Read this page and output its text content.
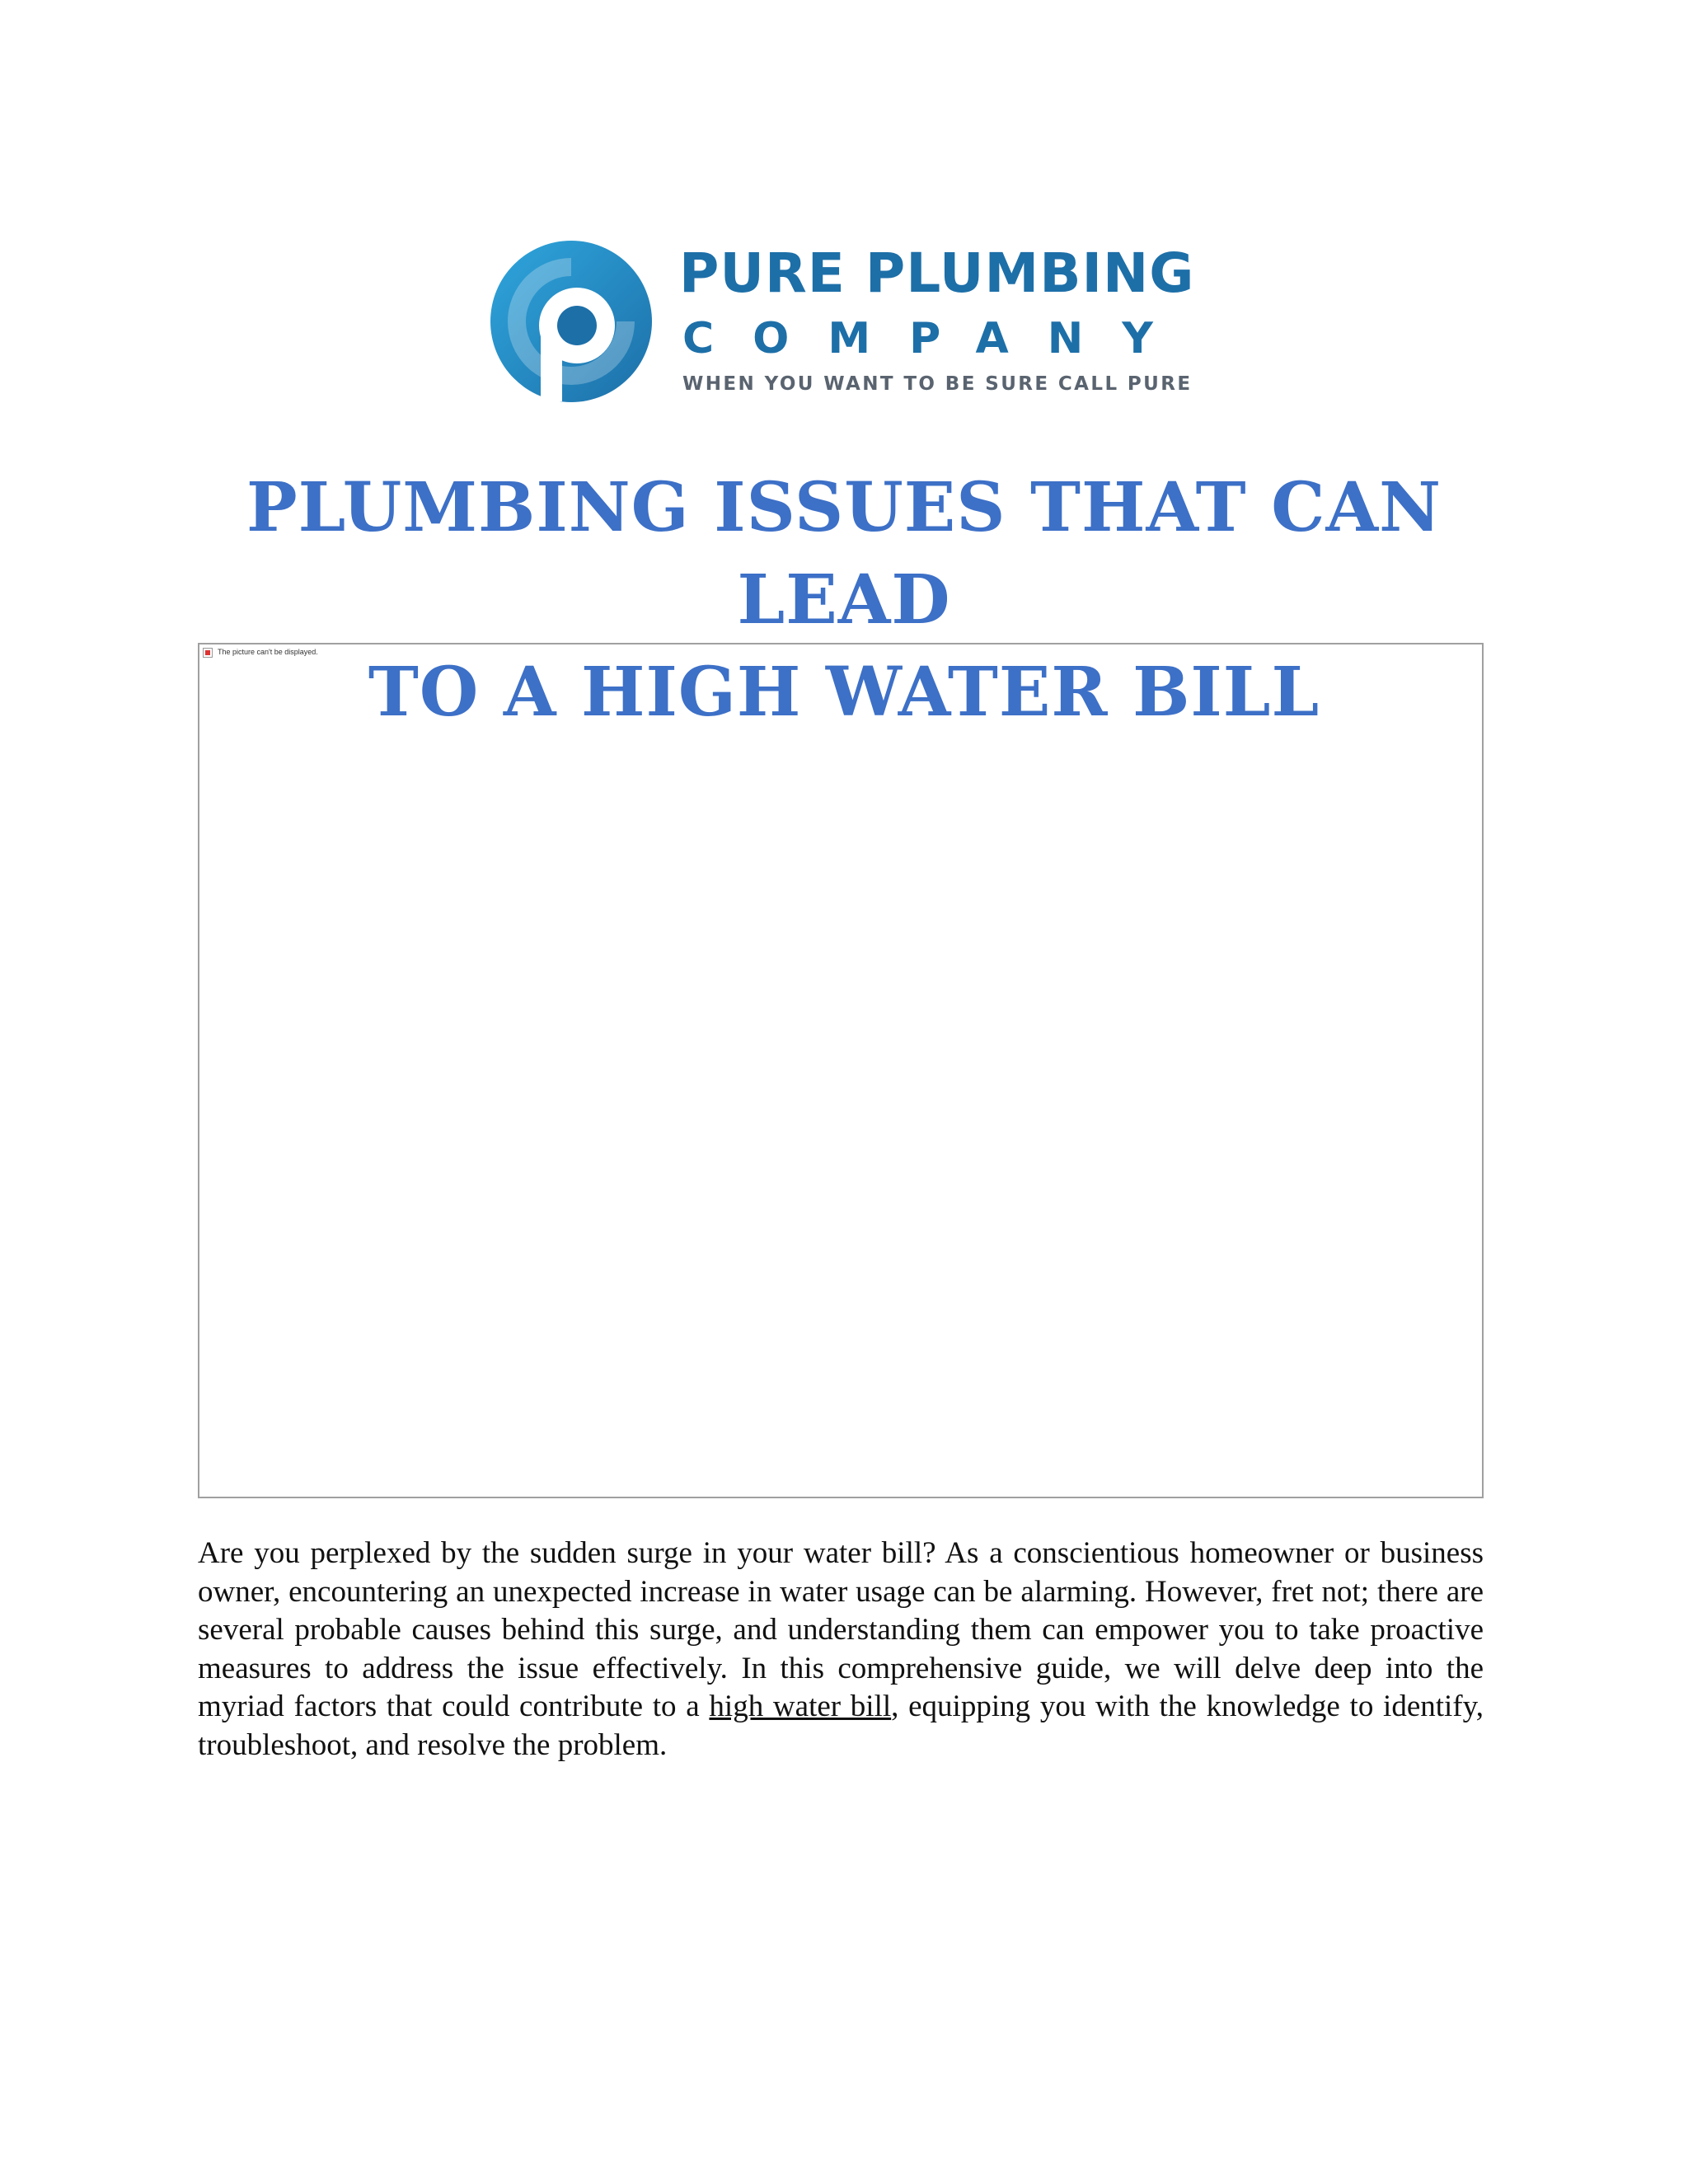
PURE PLUMBING
COMPANY
WHEN YOU WANT TO BE SURE CALL PURE
PLUMBING ISSUES THAT CAN LEAD
TO A HIGH WATER BILL
The picture can't be displayed.

Are you perplexed by the sudden surge in your water bill? As a conscientious homeowner or business owner, encountering an unexpected increase in water usage can be alarming. However, fret not; there are several probable causes behind this surge, and understanding them can empower you to take proactive measures to address the issue effectively. In this comprehensive guide, we will delve deep into the myriad factors that could contribute to a high water bill, equipping you with the knowledge to identify, troubleshoot, and resolve the problem.
